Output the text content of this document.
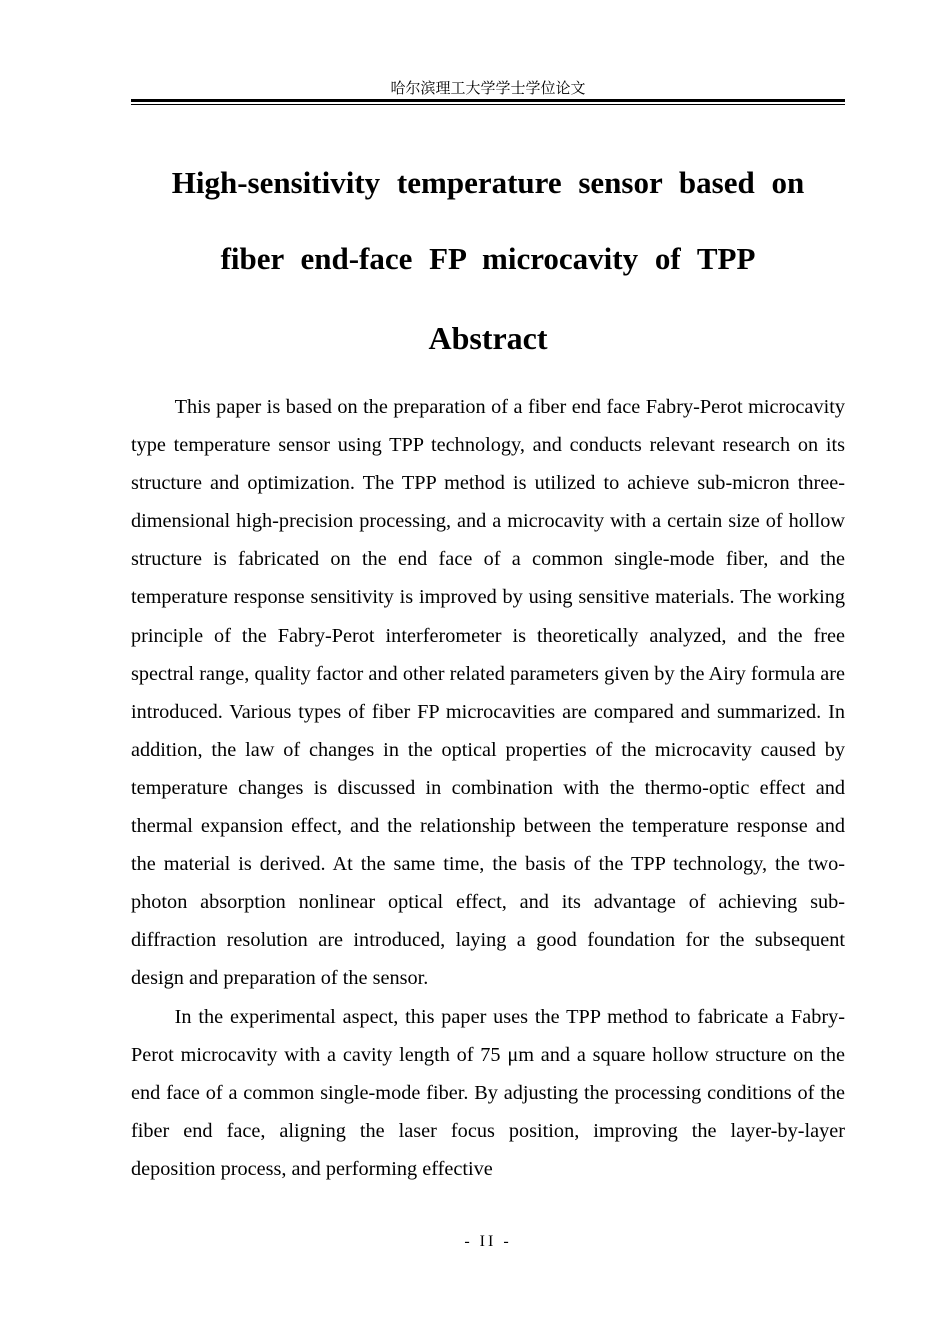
哈尔滨理工大学学士学位论文
High-sensitivity temperature sensor based on
fiber end-face FP microcavity of TPP
Abstract

This paper is based on the preparation of a fiber end face Fabry-Perot microcavity type temperature sensor using TPP technology, and conducts relevant research on its structure and optimization. The TPP method is utilized to achieve sub-micron three-dimensional high-precision processing, and a microcavity with a certain size of hollow structure is fabricated on the end face of a common single-mode fiber, and the temperature response sensitivity is improved by using sensitive materials. The working principle of the Fabry-Perot interferometer is theoretically analyzed, and the free spectral range, quality factor and other related parameters given by the Airy formula are introduced. Various types of fiber FP microcavities are compared and summarized. In addition, the law of changes in the optical properties of the microcavity caused by temperature changes is discussed in combination with the thermo-optic effect and thermal expansion effect, and the relationship between the temperature response and the material is derived. At the same time, the basis of the TPP technology, the two-photon absorption nonlinear optical effect, and its advantage of achieving sub-diffraction resolution are introduced, laying a good foundation for the subsequent design and preparation of the sensor.

In the experimental aspect, this paper uses the TPP method to fabricate a Fabry-Perot microcavity with a cavity length of 75 μm and a square hollow structure on the end face of a common single-mode fiber. By adjusting the processing conditions of the fiber end face, aligning the laser focus position, improving the layer-by-layer deposition process, and performing effective

- II -
